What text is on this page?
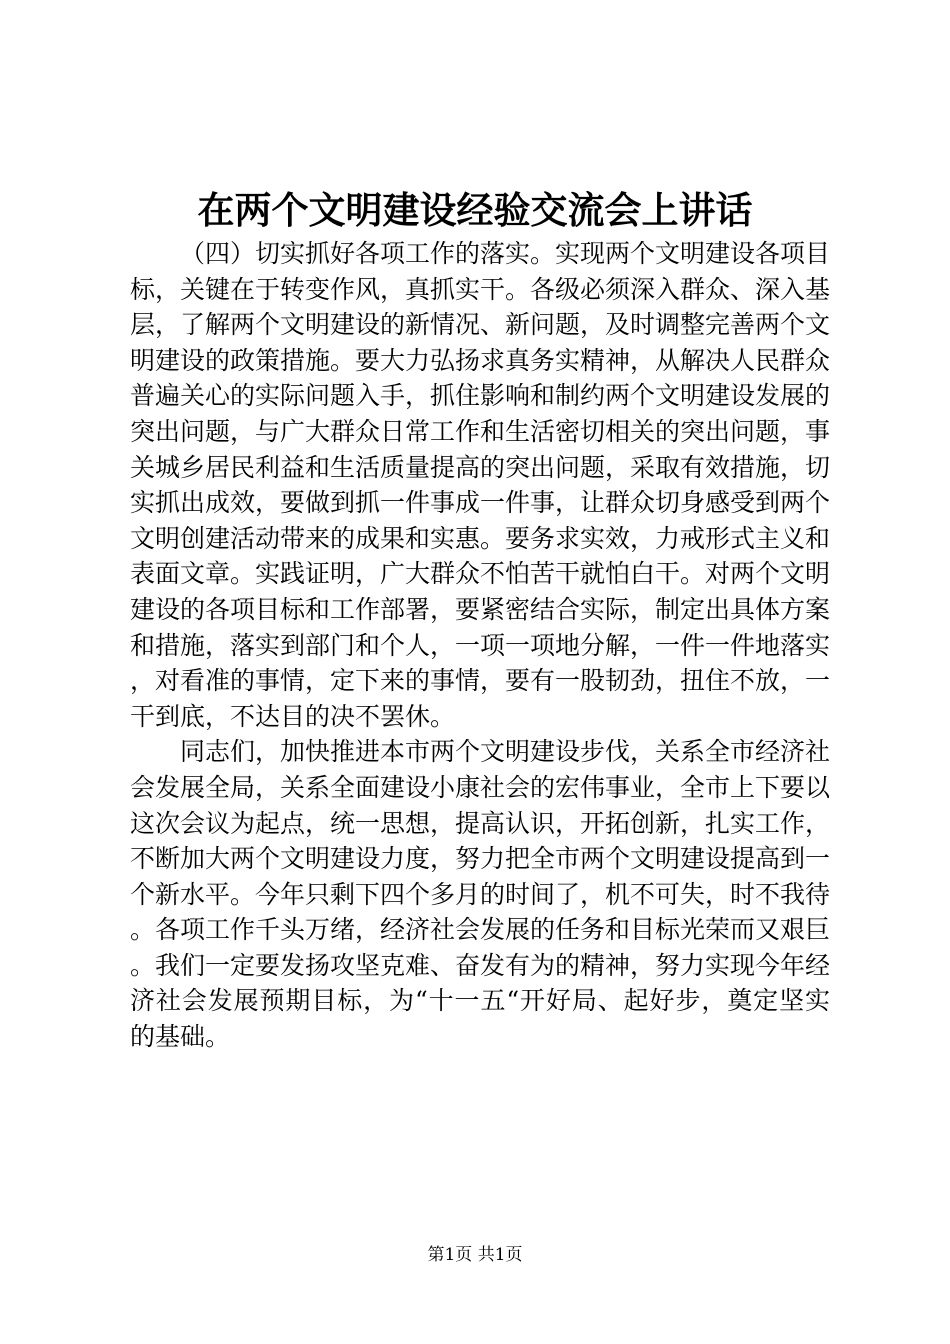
在两个文明建设经验交流会上讲话

（四）切实抓好各项工作的落实。实现两个文明建设各项目标，关键在于转变作风，真抓实干。各级必须深入群众、深入基层，了解两个文明建设的新情况、新问题，及时调整完善两个文明建设的政策措施。要大力弘扬求真务实精神，从解决人民群众普遍关心的实际问题入手，抓住影响和制约两个文明建设发展的突出问题，与广大群众日常工作和生活密切相关的突出问题，事关城乡居民利益和生活质量提高的突出问题，采取有效措施，切实抓出成效，要做到抓一件事成一件事，让群众切身感受到两个文明创建活动带来的成果和实惠。要务求实效，力戒形式主义和表面文章。实践证明，广大群众不怕苦干就怕白干。对两个文明建设的各项目标和工作部署，要紧密结合实际，制定出具体方案和措施，落实到部门和个人，一项一项地分解，一件一件地落实，对看准的事情，定下来的事情，要有一股韧劲，扭住不放，一干到底，不达目的决不罢休。

同志们，加快推进本市两个文明建设步伐，关系全市经济社会发展全局，关系全面建设小康社会的宏伟事业，全市上下要以这次会议为起点，统一思想，提高认识，开拓创新，扎实工作，不断加大两个文明建设力度，努力把全市两个文明建设提高到一个新水平。今年只剩下四个多月的时间了，机不可失，时不我待。各项工作千头万绪，经济社会发展的任务和目标光荣而又艰巨。我们一定要发扬攻坚克难、奋发有为的精神，努力实现今年经济社会发展预期目标，为“十一五“开好局、起好步，奠定坚实的基础。

第1页 共1页
